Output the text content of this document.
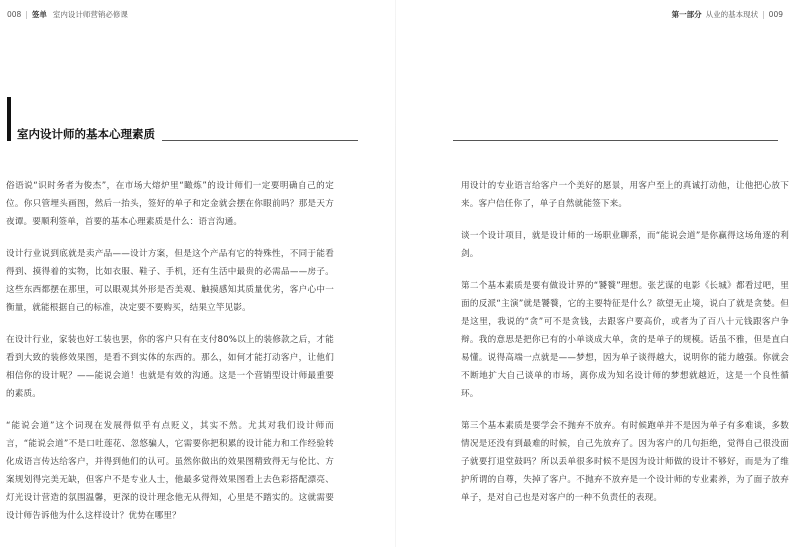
008 | 签单 室内设计师营销必修课	第一部分 从业的基本现状 | 009
室内设计师的基本心理素质

俗语说“识时务者为俊杰”，在市场大熔炉里“瞰炼”的设计师们一定要明确自己的定位。你只管埋头画图，然后一抬头，签好的单子和定金就会摆在你眼前吗？那是天方夜谭。要顺利签单，首要的基本心理素质是什么：语言沟通。

设计行业说到底就是卖产品——设计方案，但是这个产品有它的特殊性，不同于能看得到、摸得着的实物，比如衣服、鞋子、手机，还有生活中最贵的必需品——房子。这些东西都摆在那里，可以眼观其外形是否美观、触摸感知其质量优劣，客户心中一衡量，就能根据自己的标准，决定要不要购买，结果立竿见影。

在设计行业，家装也好工装也罢，你的客户只有在支付80%以上的装修款之后，才能看到大致的装修效果图，是看不到实体的东西的。那么，如何才能打动客户，让他们相信你的设计呢？——能说会道！也就是有效的沟通。这是一个营销型设计师最重要的素质。

“能说会道”这个词现在发展得似乎有点贬义，其实不然。尤其对我们设计师而言，“能说会道”不是口吐莲花、忽悠骗人，它需要你把积累的设计能力和工作经验转化成语言传达给客户，并得到他们的认可。虽然你做出的效果图精致得无与伦比、方案规划得完美无缺，但客户不是专业人士，他最多觉得效果图看上去色彩搭配漂亮、灯光设计营造的氛围温馨，更深的设计理念他无从得知，心里是不踏实的。这就需要设计师告诉他为什么这样设计？优势在哪里？

用设计的专业语言给客户一个美好的愿景，用客户至上的真诚打动他，让他把心放下来。客户信任你了，单子自然就能签下来。

谈一个设计项目，就是设计师的一场职业聊系，而“能说会道”是你赢得这场角逐的利剑。

第二个基本素质是要有做设计界的“饕餮”理想。张艺谋的电影《长城》都看过吧，里面的反派“主演”就是饕餮，它的主要特征是什么？欲望无止境，说白了就是贪婪。但是这里，我说的“贪”可不是贪钱，去跟客户要高价，或者为了百八十元钱跟客户争辩。我的意思是把你已有的小单谈成大单，贪的是单子的规模。话虽不雅，但是直白易懂。说得高端一点就是——梦想，因为单子谈得越大，说明你的能力越强。你就会不断地扩大自己谈单的市场，离你成为知名设计师的梦想就越近，这是一个良性循环。

第三个基本素质是要学会不抛弃不放弃。有时候跑单并不是因为单子有多难谈，多数情况是还没有到最难的时候，自己先放弃了。因为客户的几句拒绝，觉得自己很没面子就要打退堂鼓吗？所以丢单很多时候不是因为设计师做的设计不够好，而是为了维护所谓的自尊，失掉了客户。不抛弃不放弃是一个设计师的专业素养，为了面子放弃单子，是对自己也是对客户的一种不负责任的表现。
